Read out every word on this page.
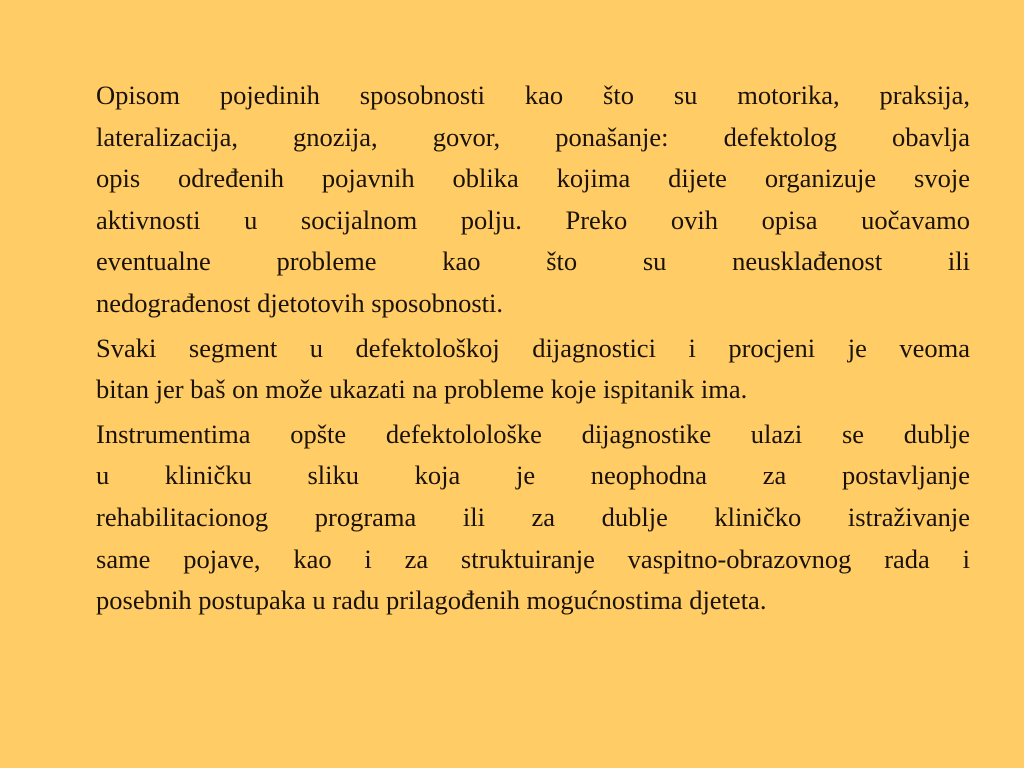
Opisom pojedinih sposobnosti kao što su motorika, praksija,
lateralizacija, gnozija, govor, ponašanje: defektolog obavlja
opis određenih pojavnih oblika kojima dijete organizuje svoje
aktivnosti u socijalnom polju. Preko ovih opisa uočavamo
eventualne probleme kao što su neusklađenost ili
nedograđenost djetotovih sposobnosti.
Svaki segment u defektološkoj dijagnostici i procjeni je veoma
bitan jer baš on može ukazati na probleme koje ispitanik ima.
Instrumentima opšte defektolološke dijagnostike ulazi se dublje
u kliničku sliku koja je neophodna za postavljanje
rehabilitacionog programa ili za dublje kliničko istraživanje
same pojave, kao i za struktuiranje vaspitno-obrazovnog rada i
posebnih postupaka u radu prilagođenih mogućnostima djeteta.
